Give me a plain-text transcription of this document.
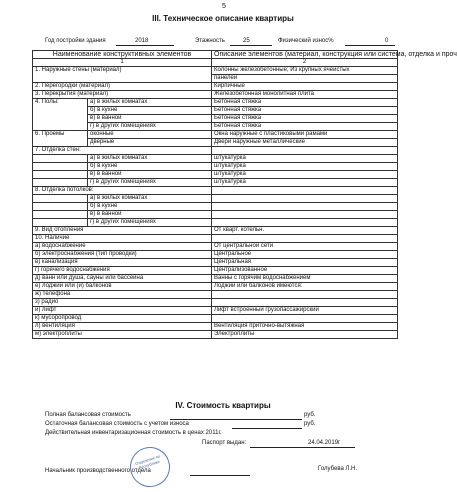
5
III. Техническое описание квартиры
Год постройки здания	2018	Этажность	25	Физический износ%	0
Наименование конструктивных элементов		Описание элементов (материал, конструкция или система, отделка и проч
1		2
1. Наружные стены (материал)		Колонны железобетонные; Из крупных ячеистых
		панелей
2. Перегородки (материал)		Кирпичные
3. Перекрытия (материал)		Железобетонная монолитная плита
4. Полы:	а) в жилых комнатах	Бетонная стяжка
	б) в кухне	Бетонная стяжка
	в) в ванной	Бетонная стяжка
	г) в других помещениях	Бетонная стяжка
6. Проемы	оконные	Окна наружные с пластиковыми рамами
	дверные	Двери наружные металлические
7. Отделка стен:		
	а) в жилых комнатах	штукатурка
	б) в кухне	штукатурка
	в) в ванной	штукатурка
	г) в других помещениях	штукатурка
8. Отделка потолков:		
	а) в жилых комнатах	
	б) в кухне	
	в) в ванной	
	г) в других помещениях	
9. Вид отопления		От кварт. котельн.
10. Наличие		
а) водоснабжение		От центральной сети
б) электроснабжения (тип проводки)		Центральное
в) канализация		Центральная
г) горячего водоснабжения		Централизованное
д) ванн или душа, сауны или бассейна		Ванны с горячим водоснабжением
е) лоджий или (и) балконов		Лоджий или балконов имеются:
ж) телефона		
з) радио		
и) лифт		Лифт встроенный грузопассажирский
к) мусоропровод		
л) вентиляция		Вентиляция приточно-вытяжная
м) электроплиты		Электроплиты
IV. Стоимость квартиры
Полная балансовая стоимость	руб.
Остаточная балансовая стоимость с учетом износа	руб.
Действительная инвентаризационная стоимость в ценах 2011г.
Паспорт выдан:	24.04.2019г
Начальник производственного отдела	Голубева Л.Н.
Отделение по Республике
